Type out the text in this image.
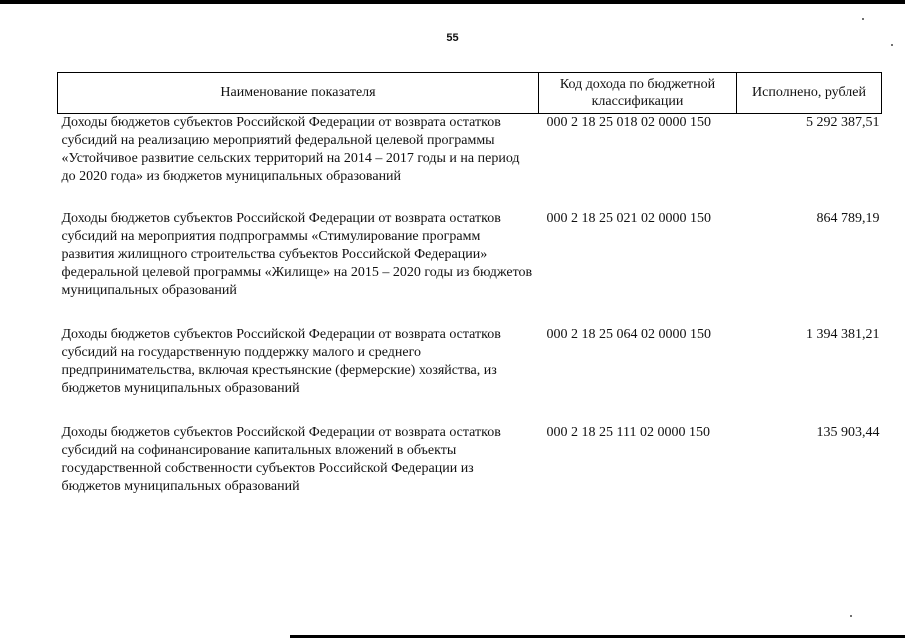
55
Наименование показателя	Код дохода по бюджетной классификации	Исполнено, рублей
Доходы бюджетов субъектов Российской Федерации от возврата остатков субсидий на реализацию мероприятий федеральной целевой программы «Устойчивое развитие сельских территорий на 2014 – 2017 годы и на период до 2020 года» из бюджетов муниципальных образований	000 2 18 25 018 02 0000 150	5 292 387,51
Доходы бюджетов субъектов Российской Федерации от возврата остатков субсидий на мероприятия подпрограммы «Стимулирование программ развития жилищного строительства субъектов Российской Федерации» федеральной целевой программы «Жилище» на 2015 – 2020 годы из бюджетов муниципальных образований	000 2 18 25 021 02 0000 150	864 789,19
Доходы бюджетов субъектов Российской Федерации от возврата остатков субсидий на государственную поддержку малого и среднего предпринимательства, включая крестьянские (фермерские) хозяйства, из бюджетов муниципальных образований	000 2 18 25 064 02 0000 150	1 394 381,21
Доходы бюджетов субъектов Российской Федерации от возврата остатков субсидий на софинансирование капитальных вложений в объекты государственной собственности субъектов Российской Федерации из бюджетов муниципальных образований	000 2 18 25 111 02 0000 150	135 903,44
